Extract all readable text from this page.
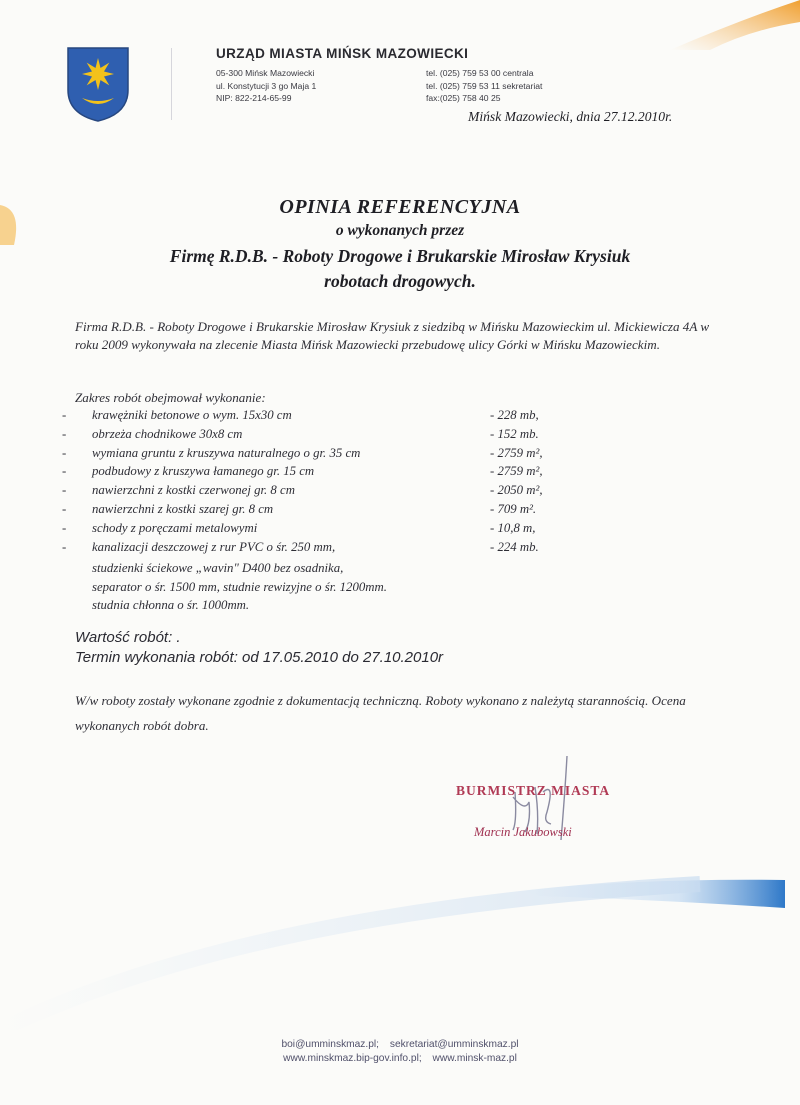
URZĄD MIASTA MIŃSK MAZOWIECKI
05-300 Mińsk Mazowiecki
ul. Konstytucji 3 go Maja 1
NIP: 822-214-65-99
tel. (025) 759 53 00 centrala
tel. (025) 759 53 11 sekretariat
fax:(025) 758 40 25
Mińsk Mazowiecki, dnia 27.12.2010r.
OPINIA REFERENCYJNA
o wykonanych przez
Firmę R.D.B. - Roboty Drogowe i Brukarskie Mirosław Krysiuk
robotach drogowych.
Firma R.D.B. - Roboty Drogowe i Brukarskie Mirosław Krysiuk z siedzibą w Mińsku Mazowieckim ul. Mickiewicza 4A w roku 2009 wykonywała na zlecenie Miasta Mińsk Mazowiecki przebudowę ulicy Górki w Mińsku Mazowieckim.
Zakres robót obejmował wykonanie:
- krawężniki betonowe o wym. 15x30 cm	- 228 mb,
- obrzeża chodnikowe 30x8 cm	- 152 mb.
- wymiana gruntu z kruszywa naturalnego o gr. 35 cm	- 2759 m²,
- podbudowy z kruszywa łamanego gr. 15 cm	- 2759 m²,
- nawierzchni z kostki czerwonej gr. 8 cm	- 2050 m²,
- nawierzchni z kostki szarej gr. 8 cm	- 709 m².
- schody z poręczami metalowymi	- 10,8 m,
- kanalizacji deszczowej z rur PVC o śr. 250 mm,	- 224 mb.
studzienki ściekowe „wavin" D400 bez osadnika,
separator o śr. 1500 mm, studnie rewizyjne o śr. 1200mm.
studnia chłonna o śr. 1000mm.
Wartość robót: .
Termin wykonania robót: od 17.05.2010 do 27.10.2010r
W/w roboty zostały wykonane zgodnie z dokumentacją techniczną. Roboty wykonano z należytą starannością. Ocena wykonanych robót dobra.
BURMISTRZ MIASTA
Marcin Jakubowski
boi@umminskmaz.pl; sekretariat@umminskmaz.pl
www.minskmaz.bip-gov.info.pl; www.minsk-maz.pl
